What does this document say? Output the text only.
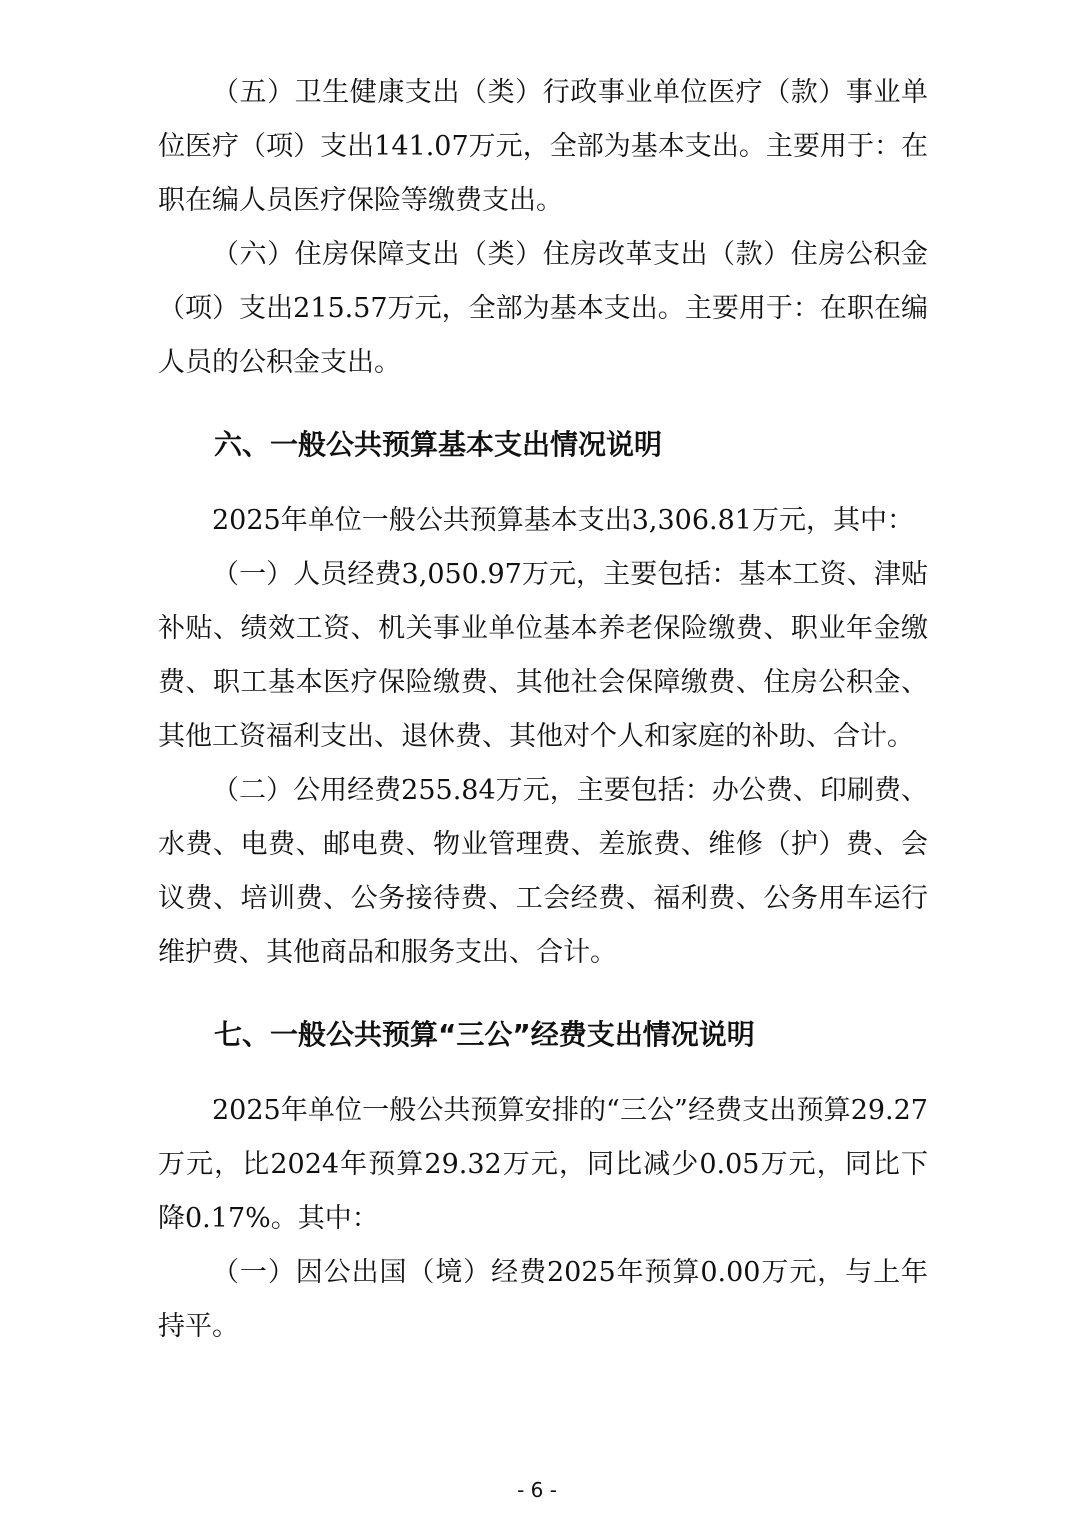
（五）卫生健康支出（类）行政事业单位医疗（款）事业单位医疗（项）支出141.07万元，全部为基本支出。主要用于：在职在编人员医疗保险等缴费支出。

（六）住房保障支出（类）住房改革支出（款）住房公积金（项）支出215.57万元，全部为基本支出。主要用于：在职在编人员的公积金支出。

六、一般公共预算基本支出情况说明

2025年单位一般公共预算基本支出3,306.81万元，其中：

（一）人员经费3,050.97万元，主要包括：基本工资、津贴补贴、绩效工资、机关事业单位基本养老保险缴费、职业年金缴费、职工基本医疗保险缴费、其他社会保障缴费、住房公积金、其他工资福利支出、退休费、其他对个人和家庭的补助、合计。

（二）公用经费255.84万元，主要包括：办公费、印刷费、水费、电费、邮电费、物业管理费、差旅费、维修（护）费、会议费、培训费、公务接待费、工会经费、福利费、公务用车运行维护费、其他商品和服务支出、合计。

七、一般公共预算“三公”经费支出情况说明

2025年单位一般公共预算安排的“三公”经费支出预算29.27万元，比2024年预算29.32万元，同比减少0.05万元，同比下降0.17%。其中：

（一）因公出国（境）经费2025年预算0.00万元，与上年持平。

- 6 -
